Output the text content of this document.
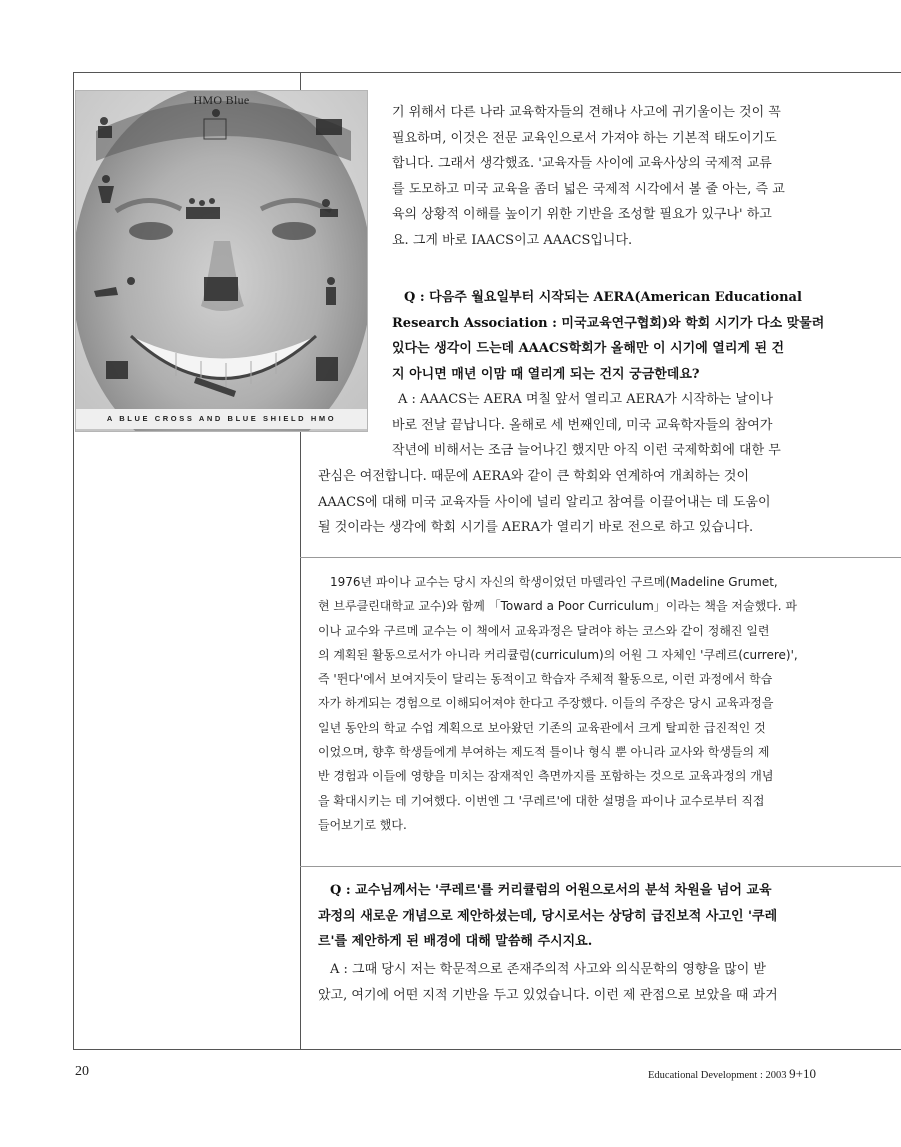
HMO Blue
A BLUE CROSS AND BLUE SHIELD HMO
기 위해서 다른 나라 교육학자들의 견해나 사고에 귀기울이는 것이 꼭
필요하며, 이것은 전문 교육인으로서 가져야 하는 기본적 태도이기도
합니다. 그래서 생각했죠. '교육자들 사이에 교육사상의 국제적 교류
를 도모하고 미국 교육을 좀더 넓은 국제적 시각에서 볼 줄 아는, 즉 교
육의 상황적 이해를 높이기 위한 기반을 조성할 필요가 있구나' 하고
요. 그게 바로 IAACS이고 AAACS입니다.
Q : 다음주 월요일부터 시작되는 AERA(American Educational
Research Association : 미국교육연구협회)와 학회 시기가 다소 맞물려
있다는 생각이 드는데 AAACS학회가 올해만 이 시기에 열리게 된 건
지 아니면 매년 이맘 때 열리게 되는 건지 궁금한데요?
A : AAACS는 AERA 며칠 앞서 열리고 AERA가 시작하는 날이나
바로 전날 끝납니다. 올해로 세 번째인데, 미국 교육학자들의 참여가
작년에 비해서는 조금 늘어나긴 했지만 아직 이런 국제학회에 대한 무
관심은 여전합니다. 때문에 AERA와 같이 큰 학회와 연계하여 개최하는 것이
AAACS에 대해 미국 교육자들 사이에 널리 알리고 참여를 이끌어내는 데 도움이
될 것이라는 생각에 학회 시기를 AERA가 열리기 바로 전으로 하고 있습니다.
1976년 파이나 교수는 당시 자신의 학생이었던 마델라인 구르메(Madeline Grumet,
현 브루클린대학교 교수)와 함께 「Toward a Poor Curriculum」이라는 책을 저술했다. 파
이나 교수와 구르메 교수는 이 책에서 교육과정은 달려야 하는 코스와 같이 정해진 일련
의 계획된 활동으로서가 아니라 커리큘럼(curriculum)의 어원 그 자체인 '쿠레르(currere)',
즉 '뛴다'에서 보여지듯이 달리는 동적이고 학습자 주체적 활동으로, 이런 과정에서 학습
자가 하게되는 경험으로 이해되어져야 한다고 주장했다. 이들의 주장은 당시 교육과정을
일년 동안의 학교 수업 계획으로 보아왔던 기존의 교육관에서 크게 탈피한 급진적인 것
이었으며, 향후 학생들에게 부여하는 제도적 틀이나 형식 뿐 아니라 교사와 학생들의 제
반 경험과 이들에 영향을 미치는 잠재적인 측면까지를 포함하는 것으로 교육과정의 개념
을 확대시키는 데 기여했다. 이번엔 그 '쿠레르'에 대한 설명을 파이나 교수로부터 직접
들어보기로 했다.
Q : 교수님께서는 '쿠레르'를 커리큘럼의 어원으로서의 분석 차원을 넘어 교육
과정의 새로운 개념으로 제안하셨는데, 당시로서는 상당히 급진보적 사고인 '쿠레
르'를 제안하게 된 배경에 대해 말씀해 주시지요.
A : 그때 당시 저는 학문적으로 존재주의적 사고와 의식문학의 영향을 많이 받
았고, 여기에 어떤 지적 기반을 두고 있었습니다. 이런 제 관점으로 보았을 때 과거
20	Educational Development : 2003 9+10
